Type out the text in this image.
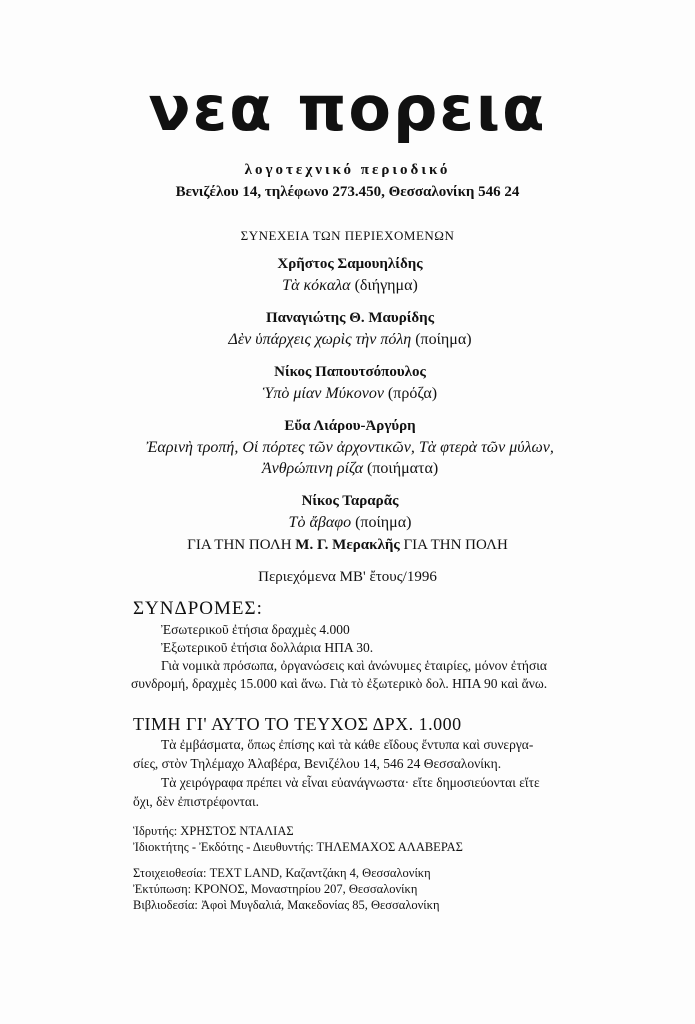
νεα πορεια
λογοτεχνικό περιοδικό
Βενιζέλου 14, τηλέφωνο 273.450, Θεσσαλονίκη 546 24
ΣΥΝΕΧΕΙΑ ΤΩΝ ΠΕΡΙΕΧΟΜΕΝΩΝ
Χρῆστος Σαμουηλίδης
Τὰ κόκαλα (διήγημα)
Παναγιώτης Θ. Μαυρίδης
Δὲν ὑπάρχεις χωρὶς τὴν πόλη (ποίημα)
Νίκος Παπουτσόπουλος
Ὑπὸ μίαν Μύκονον (πρόζα)
Εὔα Λιάρου-Ἀργύρη
Ἐαρινὴ τροπή, Οἱ πόρτες τῶν ἀρχοντικῶν, Τὰ φτερὰ τῶν μύλων,
Ἀνθρώπινη ρίζα (ποιήματα)
Νίκος Ταραρᾶς
Τὸ ἄβαφο (ποίημα)
ΓΙΑ ΤΗΝ ΠΟΛΗ Μ. Γ. Μερακλῆς ΓΙΑ ΤΗΝ ΠΟΛΗ
Περιεχόμενα ΜΒ' ἔτους/1996
ΣΥΝΔΡΟΜΕΣ:
Ἐσωτερικοῦ ἐτήσια δραχμὲς 4.000
Ἐξωτερικοῦ ἐτήσια δολλάρια ΗΠΑ 30.
Γιὰ νομικὰ πρόσωπα, ὀργανώσεις καὶ ἀνώνυμες ἑταιρίες, μόνον ἐτήσια
συνδρομή, δραχμὲς 15.000 καὶ ἄνω. Γιὰ τὸ ἐξωτερικὸ δολ. ΗΠΑ 90 καὶ ἄνω.
ΤΙΜΗ ΓΙ' ΑΥΤΟ ΤΟ ΤΕΥΧΟΣ ΔΡΧ. 1.000
Τὰ ἐμβάσματα, ὅπως ἐπίσης καὶ τὰ κάθε εἴδους ἔντυπα καὶ συνεργα-
σίες, στὸν Τηλέμαχο Ἀλαβέρα, Βενιζέλου 14, 546 24 Θεσσαλονίκη.
Τὰ χειρόγραφα πρέπει νὰ εἶναι εὐανάγνωστα· εἴτε δημοσιεύονται εἴτε
ὄχι, δὲν ἐπιστρέφονται.
Ἱδρυτής: ΧΡΗΣΤΟΣ ΝΤΑΛΙΑΣ
Ἰδιοκτήτης - Ἐκδότης - Διευθυντής: ΤΗΛΕΜΑΧΟΣ ΑΛΑΒΕΡΑΣ
Στοιχειοθεσία: TEXT LAND, Καζαντζάκη 4, Θεσσαλονίκη
Ἐκτύπωση: ΚΡΟΝΟΣ, Μοναστηρίου 207, Θεσσαλονίκη
Βιβλιοδεσία: Ἀφοὶ Μυγδαλιά, Μακεδονίας 85, Θεσσαλονίκη
